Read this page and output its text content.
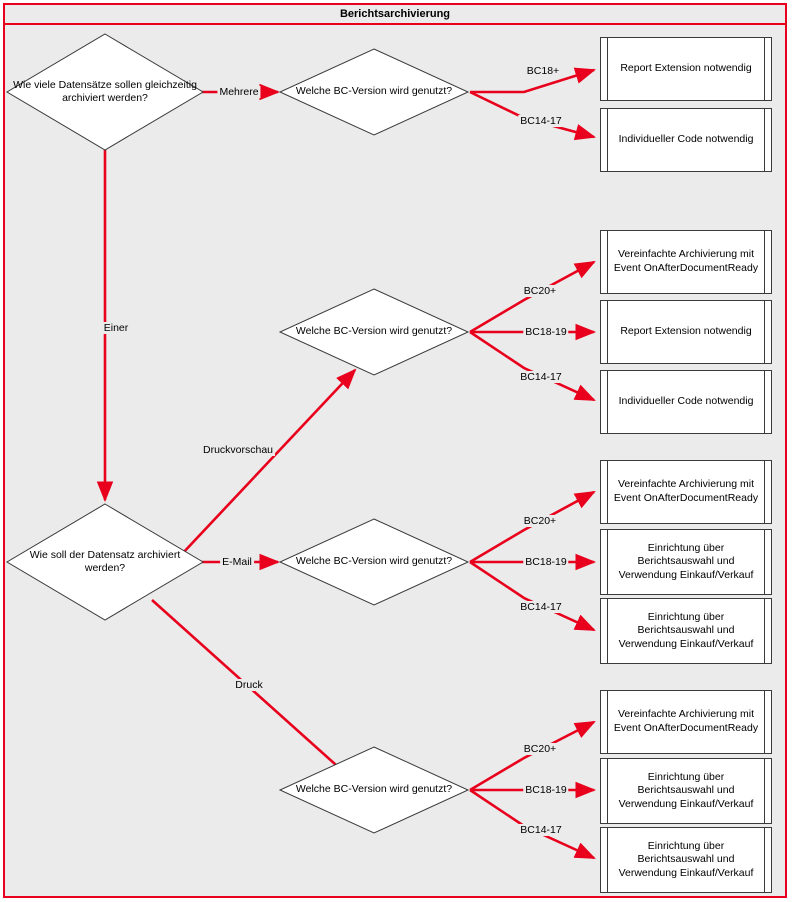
Berichtsarchivierung
Wie viele Datensätze sollen gleichzeitig archiviert werden?
Welche BC-Version wird genutzt?
Wie soll der Datensatz archiviert werden?
Welche BC-Version wird genutzt?
Welche BC-Version wird genutzt?
Welche BC-Version wird genutzt?
Report Extension notwendig
Individueller Code notwendig
Vereinfachte Archivierung mit Event OnAfterDocumentReady
Report Extension notwendig
Individueller Code notwendig
Vereinfachte Archivierung mit Event OnAfterDocumentReady
Einrichtung über Berichtsauswahl und Verwendung Einkauf/Verkauf
Einrichtung über Berichtsauswahl und Verwendung Einkauf/Verkauf
Vereinfachte Archivierung mit Event OnAfterDocumentReady
Einrichtung über Berichtsauswahl und Verwendung Einkauf/Verkauf
Einrichtung über Berichtsauswahl und Verwendung Einkauf/Verkauf
Mehrere
BC18+
BC14-17
Einer
Druckvorschau
BC20+
BC18-19
BC14-17
E-Mail
BC20+
BC18-19
BC14-17
Druck
BC20+
BC18-19
BC14-17
